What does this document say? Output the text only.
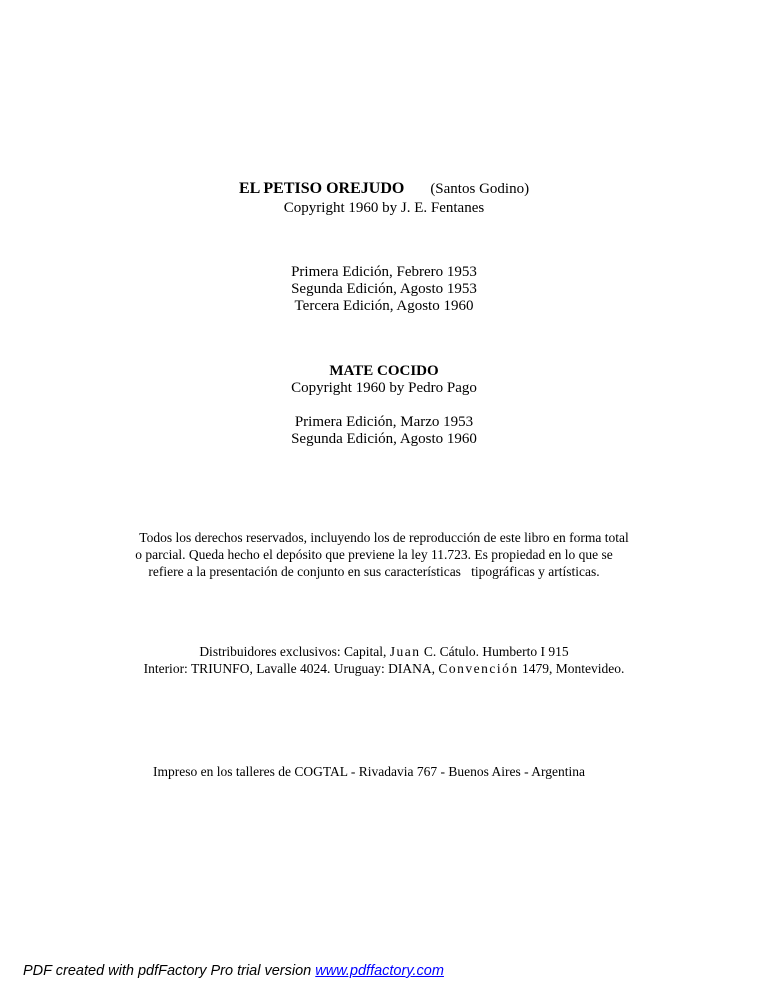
EL PETISO OREJUDO (Santos Godino)
Copyright 1960 by J. E. Fentanes
Primera Edición, Febrero 1953
Segunda Edición, Agosto 1953
Tercera Edición, Agosto 1960
MATE COCIDO
Copyright 1960 by Pedro Pago
Primera Edición, Marzo 1953
Segunda Edición, Agosto 1960
Todos los derechos reservados, incluyendo los de reproducción de este libro en forma total
o parcial. Queda hecho el depósito que previene la ley 11.723. Es propiedad en lo que se
refiere a la presentación de conjunto en sus características   tipográficas y artísticas.
Distribuidores exclusivos: Capital, Juan C. Cátulo. Humberto I 915
Interior: TRIUNFO, Lavalle 4024. Uruguay: DIANA, Convención 1479, Montevideo.
Impreso en los talleres de COGTAL - Rivadavia 767 - Buenos Aires - Argentina
PDF created with pdfFactory Pro trial version www.pdffactory.com
